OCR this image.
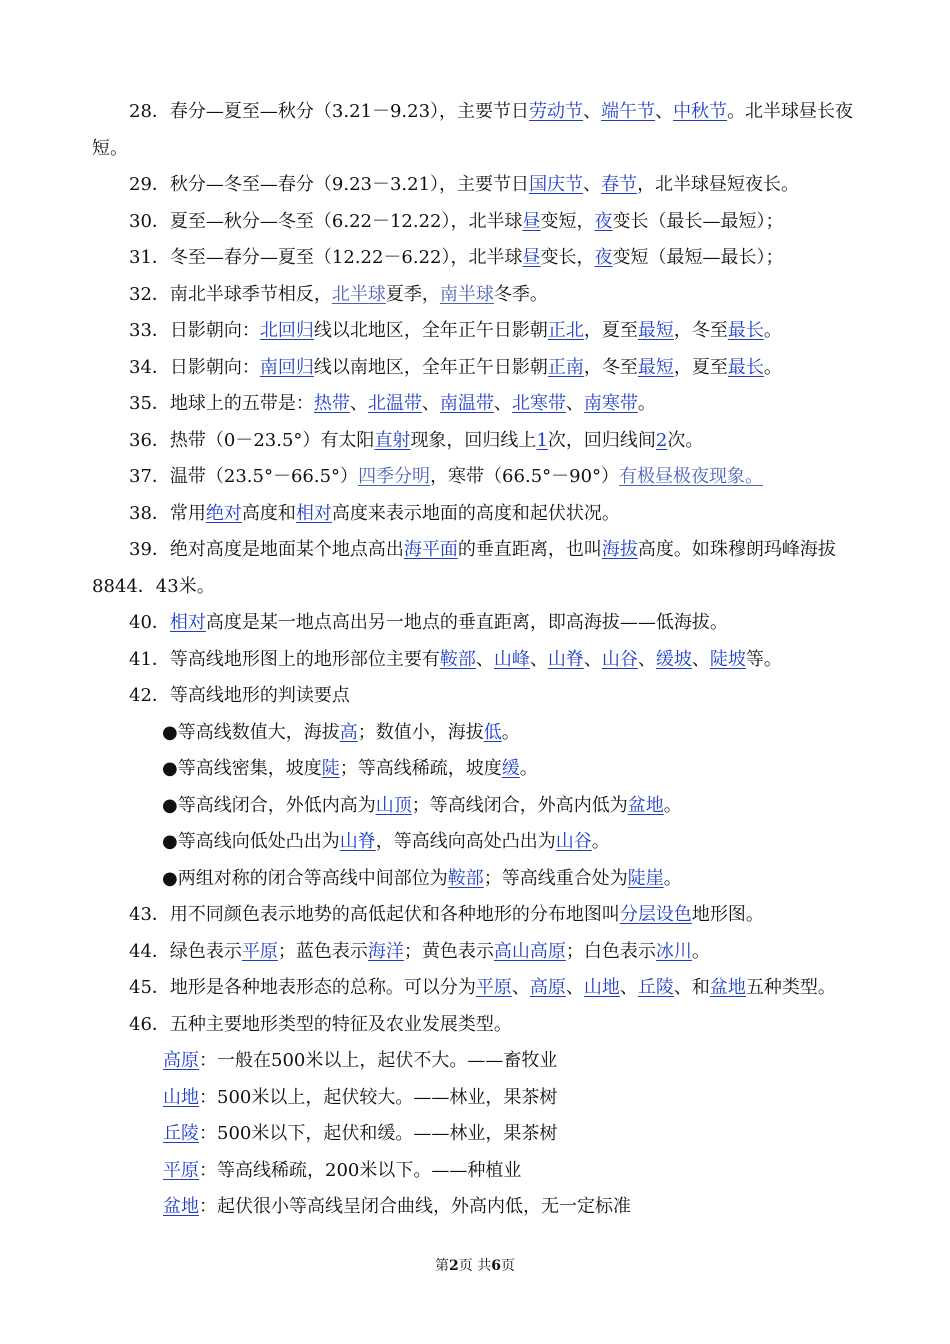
28．春分—夏至—秋分（3.21－9.23），主要节日劳动节、端午节、中秋节。北半球昼长夜短。

29．秋分—冬至—春分（9.23－3.21），主要节日国庆节、春节，北半球昼短夜长。

30．夏至—秋分—冬至（6.22－12.22），北半球昼变短，夜变长（最长—最短）；

31．冬至—春分—夏至（12.22－6.22），北半球昼变长，夜变短（最短—最长）；

32．南北半球季节相反，北半球夏季，南半球冬季。

33．日影朝向：北回归线以北地区，全年正午日影朝正北，夏至最短，冬至最长。

34．日影朝向：南回归线以南地区，全年正午日影朝正南，冬至最短，夏至最长。

35．地球上的五带是：热带、北温带、南温带、北寒带、南寒带。

36．热带（0－23.5°）有太阳直射现象，回归线上1次，回归线间2次。

37．温带（23.5°－66.5°）四季分明，寒带（66.5°－90°）有极昼极夜现象。

38．常用绝对高度和相对高度来表示地面的高度和起伏状况。

39．绝对高度是地面某个地点高出海平面的垂直距离，也叫海拔高度。如珠穆朗玛峰海拔8844．43米。

40．相对高度是某一地点高出另一地点的垂直距离，即高海拔——低海拔。

41．等高线地形图上的地形部位主要有鞍部、山峰、山脊、山谷、缓坡、陡坡等。

42．等高线地形的判读要点

●等高线数值大，海拔高；数值小，海拔低。

●等高线密集，坡度陡；等高线稀疏，坡度缓。

●等高线闭合，外低内高为山顶；等高线闭合，外高内低为盆地。

●等高线向低处凸出为山脊，等高线向高处凸出为山谷。

●两组对称的闭合等高线中间部位为鞍部；等高线重合处为陡崖。

43．用不同颜色表示地势的高低起伏和各种地形的分布地图叫分层设色地形图。

44．绿色表示平原；蓝色表示海洋；黄色表示高山高原；白色表示冰川。

45．地形是各种地表形态的总称。可以分为平原、高原、山地、丘陵、和盆地五种类型。

46．五种主要地形类型的特征及农业发展类型。

高原：一般在500米以上，起伏不大。——畜牧业

山地：500米以上，起伏较大。——林业，果茶树

丘陵：500米以下，起伏和缓。——林业，果茶树

平原：等高线稀疏，200米以下。——种植业

盆地：起伏很小等高线呈闭合曲线，外高内低，无一定标准

第2页 共6页
